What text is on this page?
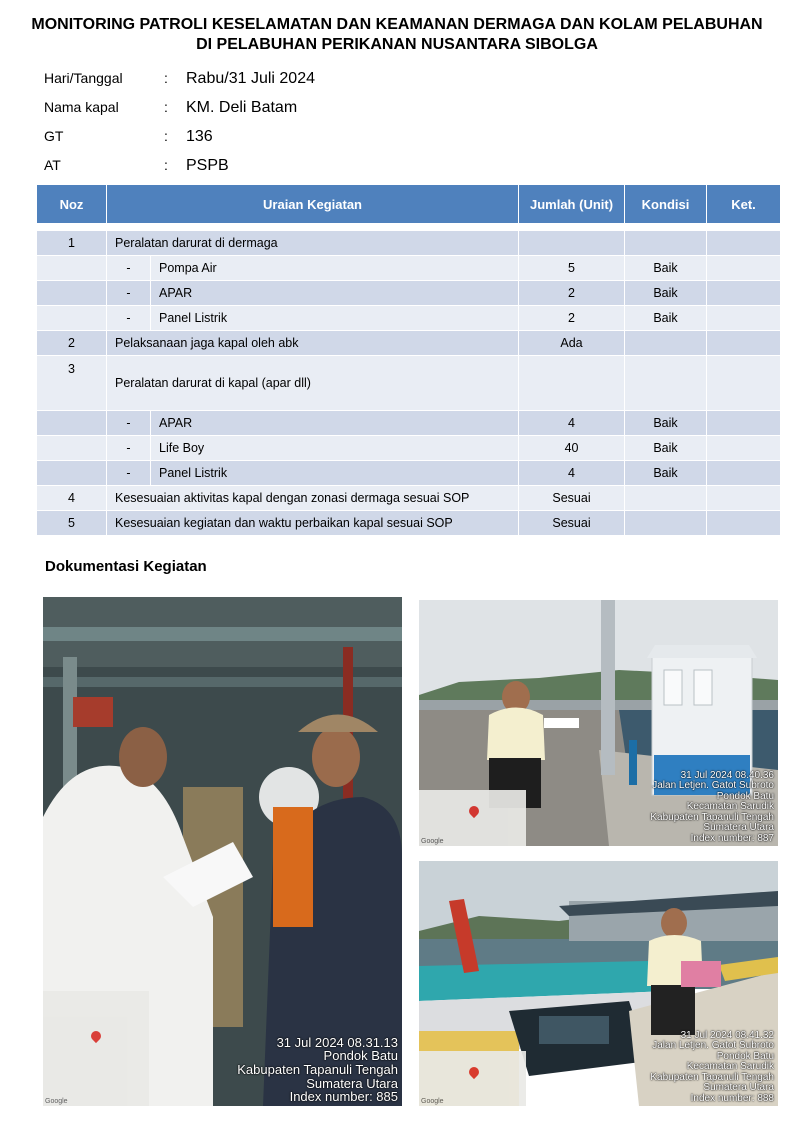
MONITORING PATROLI KESELAMATAN DAN KEAMANAN DERMAGA DAN KOLAM PELABUHAN
DI PELABUHAN PERIKANAN NUSANTARA SIBOLGA
Hari/Tanggal	:	Rabu/31 Juli 2024
Nama kapal	:	KM. Deli Batam
GT	:	136
AT	:	PSPB
Noz	Uraian Kegiatan		Jumlah (Unit)	Kondisi	Ket.

1	Peralatan darurat di dermaga				
	-	Pompa Air	5	Baik	
	-	APAR	2	Baik	
	-	Panel Listrik	2	Baik	
2	Pelaksanaan jaga kapal oleh abk		Ada		
3	Peralatan darurat di kapal (apar dll)				
	-	APAR	4	Baik	
	-	Life Boy	40	Baik	
	-	Panel Listrik	4	Baik	
4	Kesesuaian aktivitas kapal dengan zonasi dermaga sesuai SOP		Sesuai		
5	Kesesuaian kegiatan dan waktu perbaikan kapal sesuai SOP		Sesuai		
Dokumentasi Kegiatan
Google
31 Jul 2024 08.31.13
Pondok Batu
Kabupaten Tapanuli Tengah
Sumatera Utara
Index number: 885
Google
31 Jul 2024 08.40.36
Jalan Letjen. Gatot Subroto
Pondok Batu
Kecamatan Sarudik
Kabupaten Tapanuli Tengah
Sumatera Utara
Index number: 887
Google
31 Jul 2024 08.41.32
Jalan Letjen. Gatot Subroto
Pondok Batu
Kecamatan Sarudik
Kabupaten Tapanuli Tengah
Sumatera Utara
Index number: 888
